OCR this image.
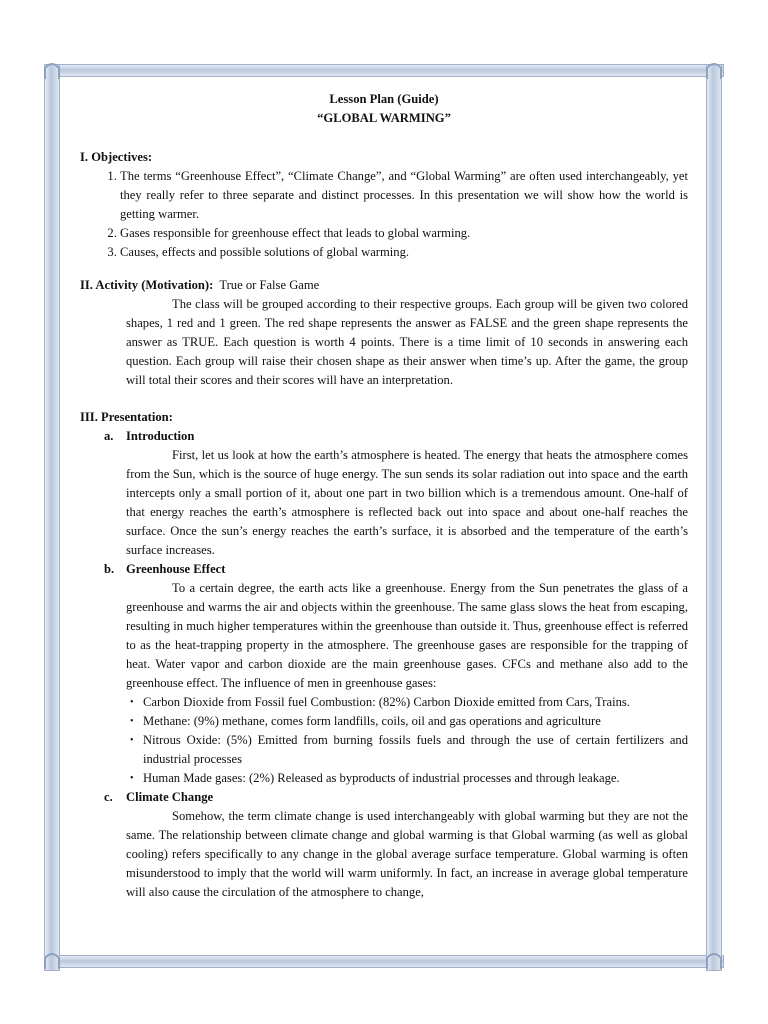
Lesson Plan (Guide)
“GLOBAL WARMING”
I. Objectives:
1. The terms “Greenhouse Effect”, “Climate Change”, and “Global Warming” are often used interchangeably, yet they really refer to three separate and distinct processes. In this presentation we will show how the world is getting warmer.
2. Gases responsible for greenhouse effect that leads to global warming.
3. Causes, effects and possible solutions of global warming.
II. Activity (Motivation): True or False Game

The class will be grouped according to their respective groups. Each group will be given two colored shapes, 1 red and 1 green. The red shape represents the answer as FALSE and the green shape represents the answer as TRUE. Each question is worth 4 points. There is a time limit of 10 seconds in answering each question. Each group will raise their chosen shape as their answer when time’s up. After the game, the group will total their scores and their scores will have an interpretation.

III. Presentation:
a. Introduction

First, let us look at how the earth’s atmosphere is heated. The energy that heats the atmosphere comes from the Sun, which is the source of huge energy. The sun sends its solar radiation out into space and the earth intercepts only a small portion of it, about one part in two billion which is a tremendous amount. One-half of that energy reaches the earth’s atmosphere is reflected back out into space and about one-half reaches the surface. Once the sun’s energy reaches the earth’s surface, it is absorbed and the temperature of the earth’s surface increases.

b. Greenhouse Effect

To a certain degree, the earth acts like a greenhouse. Energy from the Sun penetrates the glass of a greenhouse and warms the air and objects within the greenhouse. The same glass slows the heat from escaping, resulting in much higher temperatures within the greenhouse than outside it. Thus, greenhouse effect is referred to as the heat-trapping property in the atmosphere. The greenhouse gases are responsible for the trapping of heat. Water vapor and carbon dioxide are the main greenhouse gases. CFCs and methane also add to the greenhouse effect. The influence of men in greenhouse gases:

• Carbon Dioxide from Fossil fuel Combustion: (82%) Carbon Dioxide emitted from Cars, Trains.
• Methane: (9%) methane, comes form landfills, coils, oil and gas operations and agriculture
• Nitrous Oxide: (5%) Emitted from burning fossils fuels and through the use of certain fertilizers and industrial processes
• Human Made gases: (2%) Released as byproducts of industrial processes and through leakage.
c.	Climate Change

Somehow, the term climate change is used interchangeably with global warming but they are not the same. The relationship between climate change and global warming is that Global warming (as well as global cooling) refers specifically to any change in the global average surface temperature. Global warming is often misunderstood to imply that the world will warm uniformly. In fact, an increase in average global temperature will also cause the circulation of the atmosphere to change,
